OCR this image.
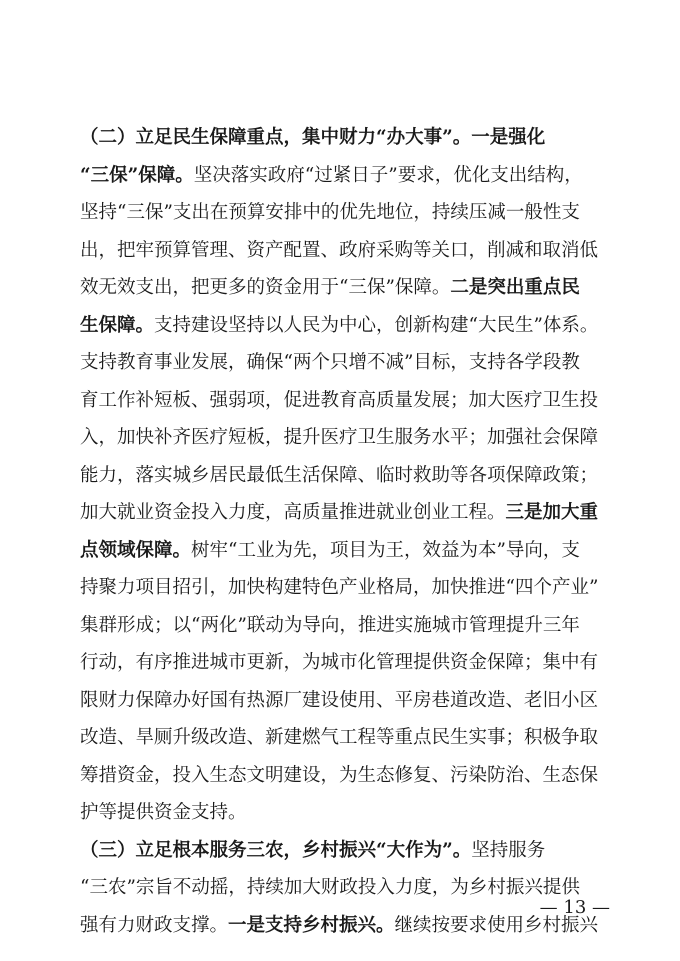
（二）立足民生保障重点，集中财力“办大事”。一是强化
“三保”保障。坚决落实政府“过紧日子”要求，优化支出结构，
坚持“三保”支出在预算安排中的优先地位，持续压减一般性支
出，把牢预算管理、资产配置、政府采购等关口，削减和取消低
效无效支出，把更多的资金用于“三保”保障。二是突出重点民
生保障。支持建设坚持以人民为中心，创新构建“大民生”体系。
支持教育事业发展，确保“两个只增不减”目标，支持各学段教
育工作补短板、强弱项，促进教育高质量发展；加大医疗卫生投
入，加快补齐医疗短板，提升医疗卫生服务水平；加强社会保障
能力，落实城乡居民最低生活保障、临时救助等各项保障政策；
加大就业资金投入力度，高质量推进就业创业工程。三是加大重
点领域保障。树牢“工业为先，项目为王，效益为本”导向，支
持聚力项目招引，加快构建特色产业格局，加快推进“四个产业”
集群形成；以“两化”联动为导向，推进实施城市管理提升三年
行动，有序推进城市更新，为城市化管理提供资金保障；集中有
限财力保障办好国有热源厂建设使用、平房巷道改造、老旧小区
改造、旱厕升级改造、新建燃气工程等重点民生实事；积极争取
筹措资金，投入生态文明建设，为生态修复、污染防治、生态保
护等提供资金支持。
（三）立足根本服务三农，乡村振兴“大作为”。坚持服务
“三农”宗旨不动摇，持续加大财政投入力度，为乡村振兴提供
强有力财政支撑。一是支持乡村振兴。继续按要求使用乡村振兴
— 13 —
